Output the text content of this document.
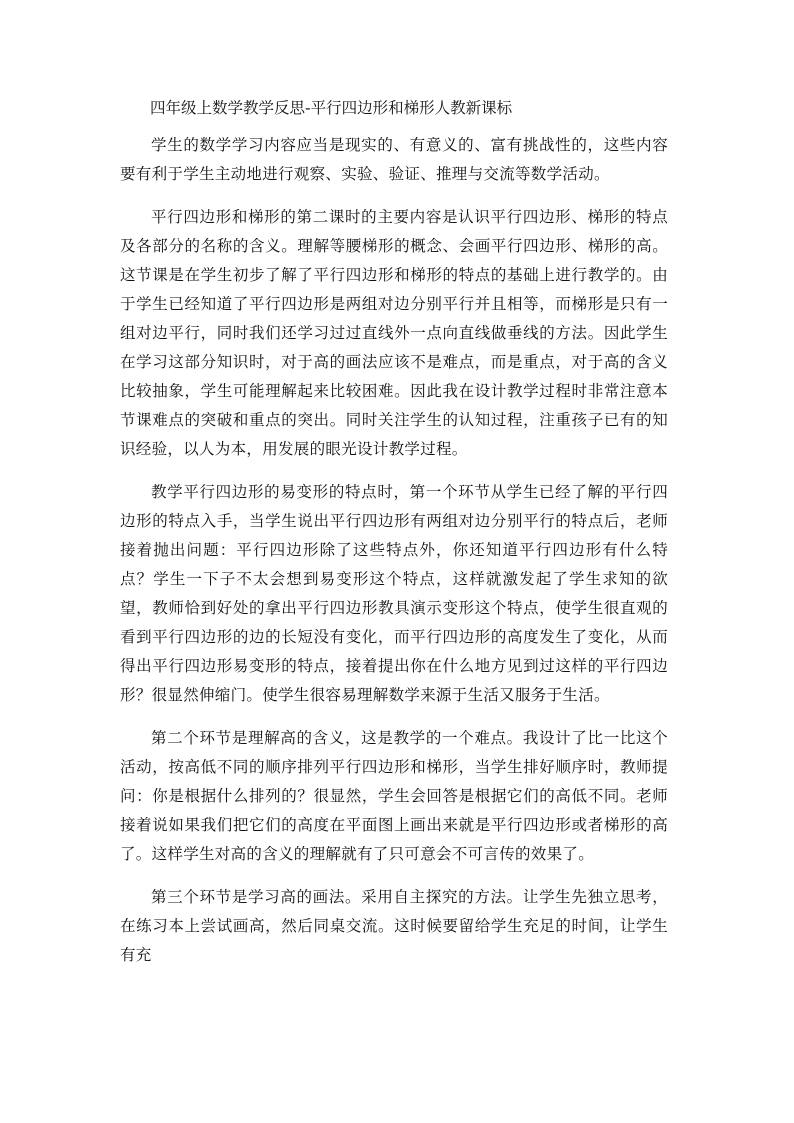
四年级上数学教学反思-平行四边形和梯形人教新课标

学生的数学学习内容应当是现实的、有意义的、富有挑战性的，这些内容要有利于学生主动地进行观察、实验、验证、推理与交流等数学活动。

平行四边形和梯形的第二课时的主要内容是认识平行四边形、梯形的特点及各部分的名称的含义。理解等腰梯形的概念、会画平行四边形、梯形的高。这节课是在学生初步了解了平行四边形和梯形的特点的基础上进行教学的。由于学生已经知道了平行四边形是两组对边分别平行并且相等，而梯形是只有一组对边平行，同时我们还学习过过直线外一点向直线做垂线的方法。因此学生在学习这部分知识时，对于高的画法应该不是难点，而是重点，对于高的含义比较抽象，学生可能理解起来比较困难。因此我在设计教学过程时非常注意本节课难点的突破和重点的突出。同时关注学生的认知过程，注重孩子已有的知识经验，以人为本，用发展的眼光设计教学过程。

教学平行四边形的易变形的特点时，第一个环节从学生已经了解的平行四边形的特点入手，当学生说出平行四边形有两组对边分别平行的特点后，老师接着抛出问题：平行四边形除了这些特点外，你还知道平行四边形有什么特点？学生一下子不太会想到易变形这个特点，这样就激发起了学生求知的欲望，教师恰到好处的拿出平行四边形教具演示变形这个特点，使学生很直观的看到平行四边形的边的长短没有变化，而平行四边形的高度发生了变化，从而得出平行四边形易变形的特点，接着提出你在什么地方见到过这样的平行四边形？很显然伸缩门。使学生很容易理解数学来源于生活又服务于生活。

第二个环节是理解高的含义，这是教学的一个难点。我设计了比一比这个活动，按高低不同的顺序排列平行四边形和梯形，当学生排好顺序时，教师提问：你是根据什么排列的？很显然，学生会回答是根据它们的高低不同。老师接着说如果我们把它们的高度在平面图上画出来就是平行四边形或者梯形的高了。这样学生对高的含义的理解就有了只可意会不可言传的效果了。

第三个环节是学习高的画法。采用自主探究的方法。让学生先独立思考，在练习本上尝试画高，然后同桌交流。这时候要留给学生充足的时间，让学生有充
